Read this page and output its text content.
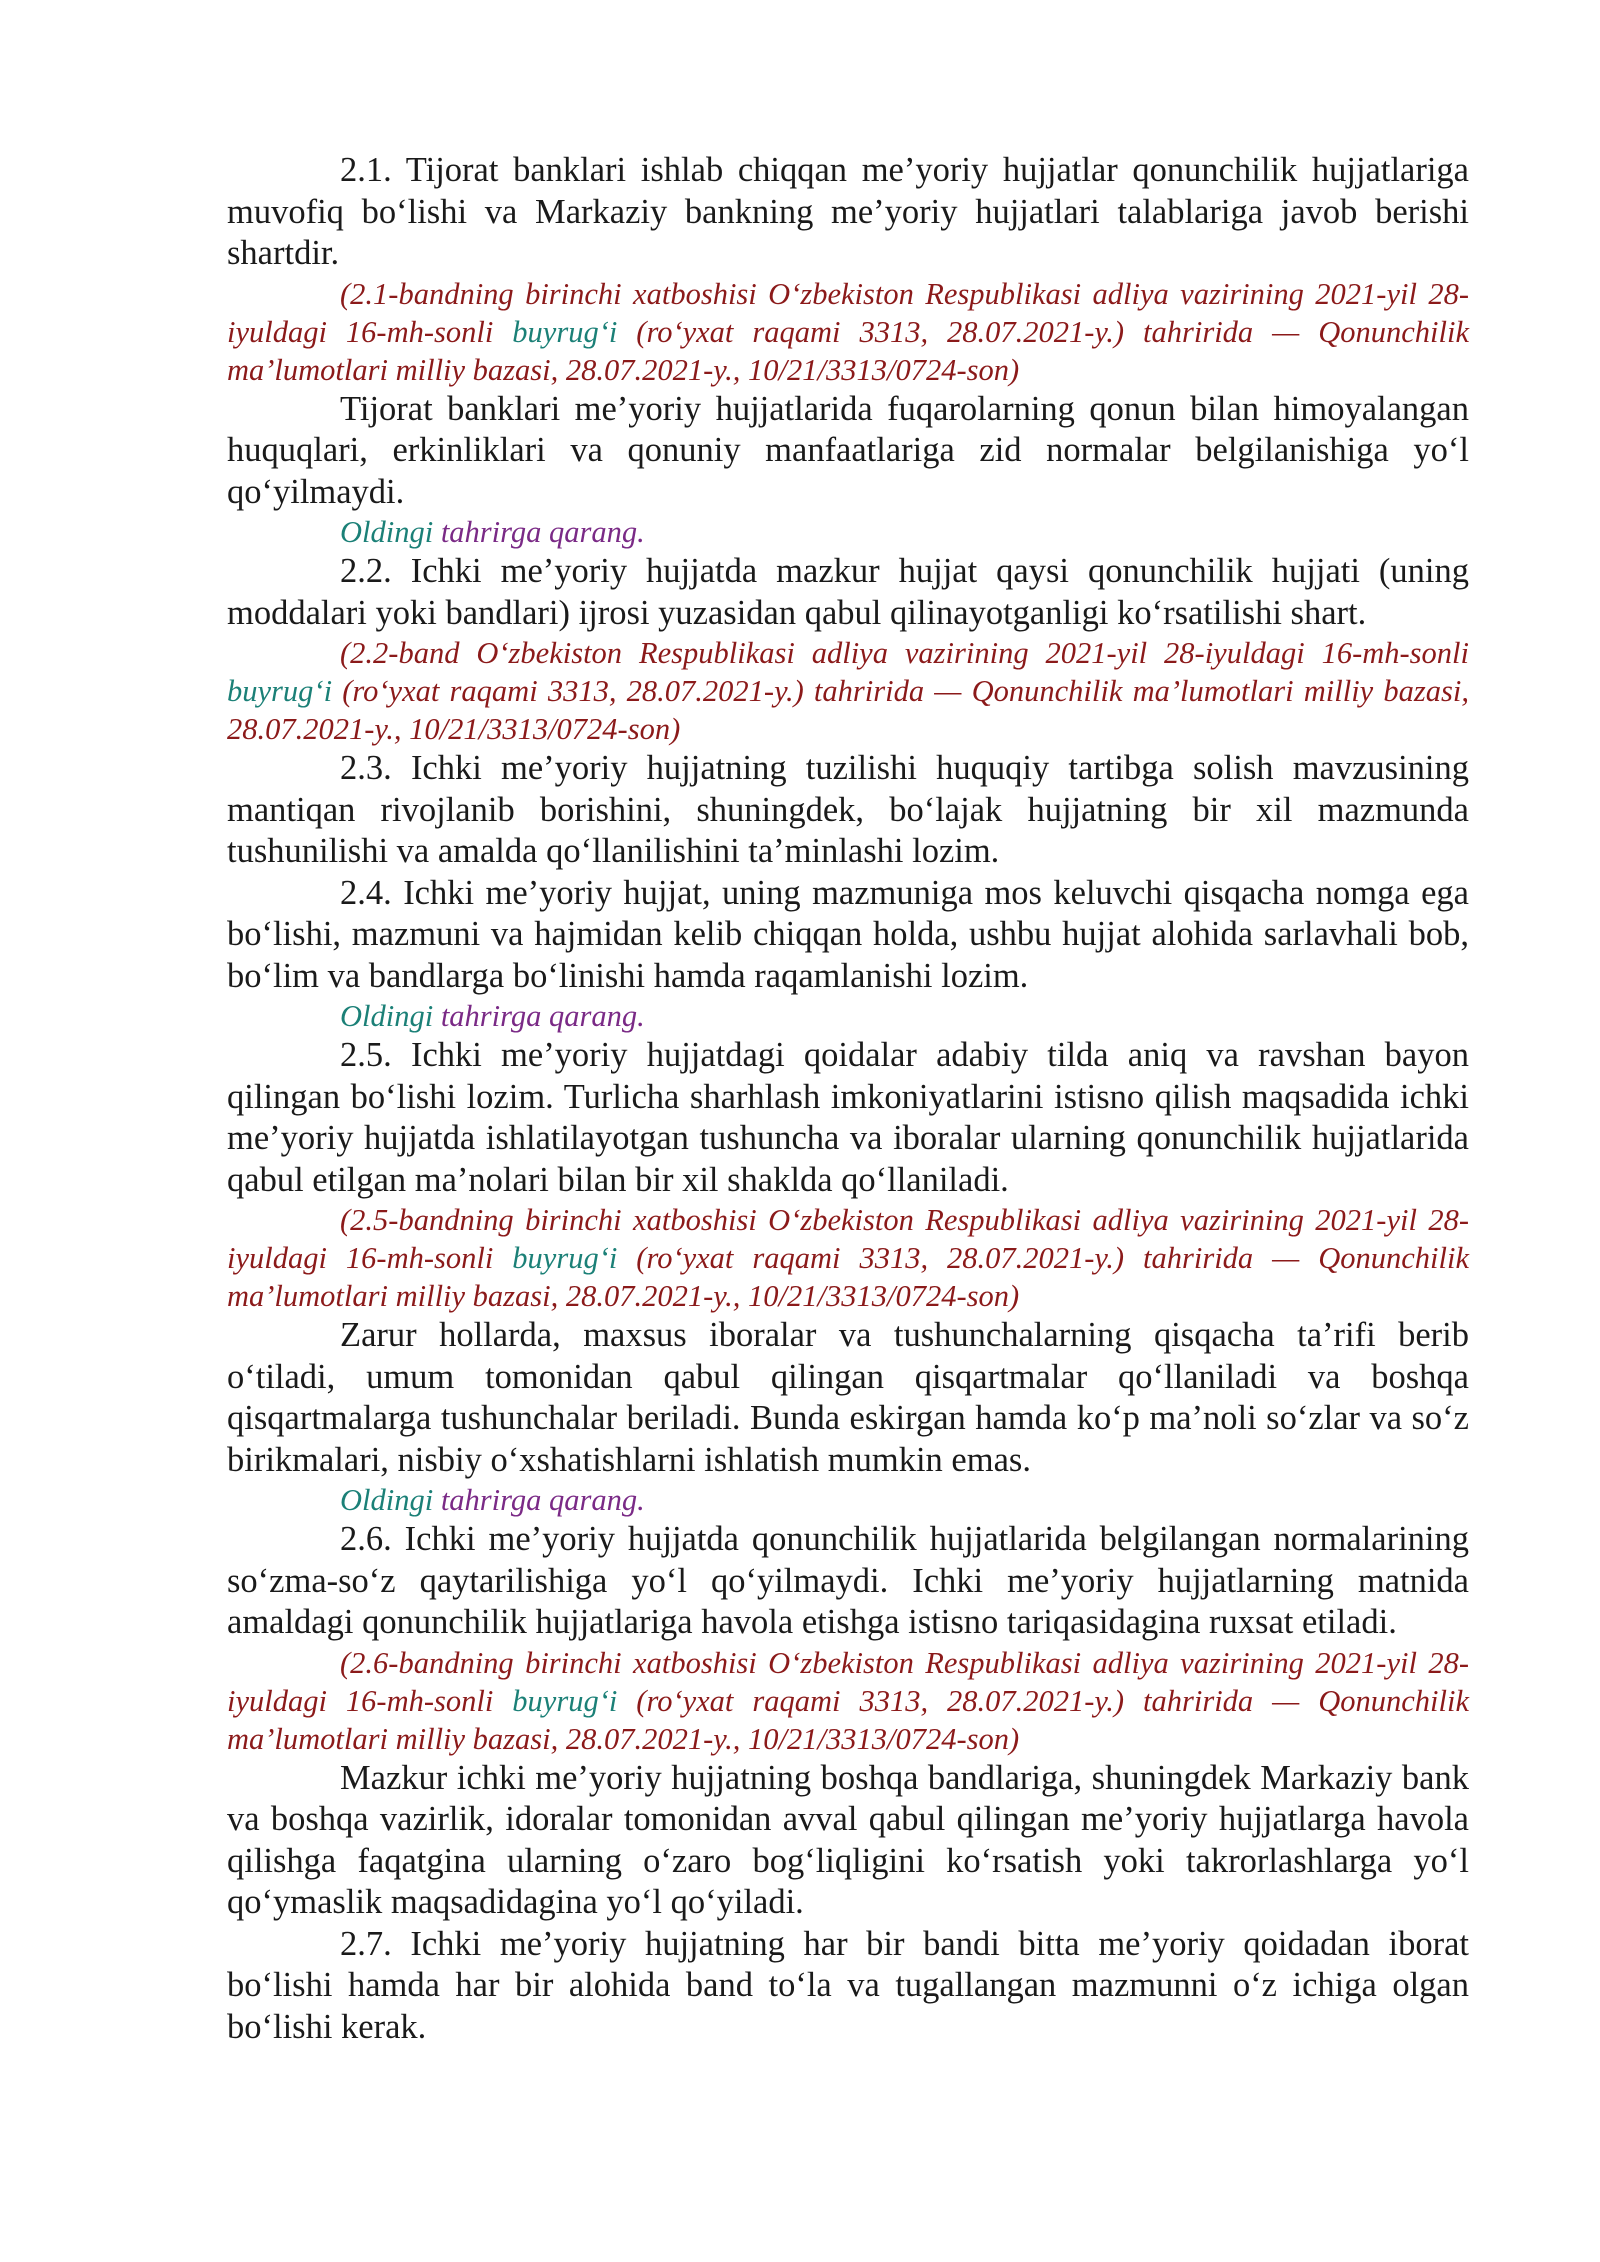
2.1. Tijorat banklari ishlab chiqqan me’yoriy hujjatlar qonunchilik hujjatlariga muvofiq bo‘lishi va Markaziy bankning me’yoriy hujjatlari talablariga javob berishi shartdir.

(2.1-bandning birinchi xatboshisi O‘zbekiston Respublikasi adliya vazirining 2021-yil 28-iyuldagi 16-mh-sonli buyrug‘i (ro‘yxat raqami 3313, 28.07.2021-y.) tahririda — Qonunchilik ma’lumotlari milliy bazasi, 28.07.2021-y., 10/21/3313/0724-son)

Tijorat banklari me’yoriy hujjatlarida fuqarolarning qonun bilan himoyalangan huquqlari, erkinliklari va qonuniy manfaatlariga zid normalar belgilanishiga yo‘l qo‘yilmaydi.

Oldingi tahrirga qarang.

2.2. Ichki me’yoriy hujjatda mazkur hujjat qaysi qonunchilik hujjati (uning moddalari yoki bandlari) ijrosi yuzasidan qabul qilinayotganligi ko‘rsatilishi shart.

(2.2-band O‘zbekiston Respublikasi adliya vazirining 2021-yil 28-iyuldagi 16-mh-sonli buyrug‘i (ro‘yxat raqami 3313, 28.07.2021-y.) tahririda — Qonunchilik ma’lumotlari milliy bazasi, 28.07.2021-y., 10/21/3313/0724-son)

2.3. Ichki me’yoriy hujjatning tuzilishi huquqiy tartibga solish mavzusining mantiqan rivojlanib borishini, shuningdek, bo‘lajak hujjatning bir xil mazmunda tushunilishi va amalda qo‘llanilishini ta’minlashi lozim.

2.4. Ichki me’yoriy hujjat, uning mazmuniga mos keluvchi qisqacha nomga ega bo‘lishi, mazmuni va hajmidan kelib chiqqan holda, ushbu hujjat alohida sarlavhali bob, bo‘lim va bandlarga bo‘linishi hamda raqamlanishi lozim.

Oldingi tahrirga qarang.

2.5. Ichki me’yoriy hujjatdagi qoidalar adabiy tilda aniq va ravshan bayon qilingan bo‘lishi lozim. Turlicha sharhlash imkoniyatlarini istisno qilish maqsadida ichki me’yoriy hujjatda ishlatilayotgan tushuncha va iboralar ularning qonunchilik hujjatlarida qabul etilgan ma’nolari bilan bir xil shakldа qo‘llaniladi.

(2.5-bandning birinchi xatboshisi O‘zbekiston Respublikasi adliya vazirining 2021-yil 28-iyuldagi 16-mh-sonli buyrug‘i (ro‘yxat raqami 3313, 28.07.2021-y.) tahririda — Qonunchilik ma’lumotlari milliy bazasi, 28.07.2021-y., 10/21/3313/0724-son)

Zarur hollarda, maxsus iboralar va tushunchalarning qisqacha ta’rifi berib o‘tiladi, umum tomonidan qabul qilingan qisqartmalar qo‘llaniladi va boshqa qisqartmalarga tushunchalar beriladi. Bunda eskirgan hamda ko‘p ma’noli so‘zlar va so‘z birikmalari, nisbiy o‘xshatishlarni ishlatish mumkin emas.

Oldingi tahrirga qarang.

2.6. Ichki me’yoriy hujjatda qonunchilik hujjatlarida belgilangan normalarining so‘zma-so‘z qaytarilishiga yo‘l qo‘yilmaydi. Ichki me’yoriy hujjatlarning matnida amaldagi qonunchilik hujjatlariga havola etishga istisno tariqasidagina ruxsat etiladi.

(2.6-bandning birinchi xatboshisi O‘zbekiston Respublikasi adliya vazirining 2021-yil 28-iyuldagi 16-mh-sonli buyrug‘i (ro‘yxat raqami 3313, 28.07.2021-y.) tahririda — Qonunchilik ma’lumotlari milliy bazasi, 28.07.2021-y., 10/21/3313/0724-son)

Mazkur ichki me’yoriy hujjatning boshqa bandlariga, shuningdek Markaziy bank va boshqa vazirlik, idoralar tomonidan avval qabul qilingan me’yoriy hujjatlarga havola qilishga faqatgina ularning o‘zaro bog‘liqligini ko‘rsatish yoki takrorlashlarga yo‘l qo‘ymaslik maqsadidagina yo‘l qo‘yiladi.

2.7. Ichki me’yoriy hujjatning har bir bandi bitta me’yoriy qoidadan iborat bo‘lishi hamda har bir alohida band to‘la va tugallangan mazmunni o‘z ichiga olgan bo‘lishi kerak.
